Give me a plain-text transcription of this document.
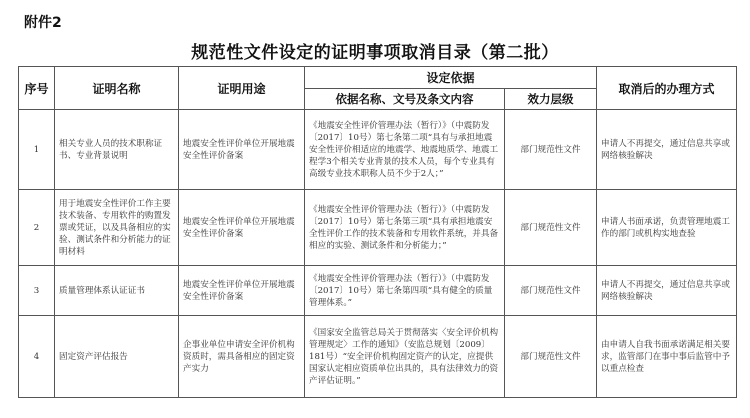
附件2
规范性文件设定的证明事项取消目录（第二批）
序号	证明名称	证明用途	设定依据		取消后的办理方式
			依据名称、文号及条文内容	效力层级	
1	相关专业人员的技术职称证书、专业背景说明	地震安全性评价单位开展地震安全性评价备案	《地震安全性评价管理办法（暂行）》（中震防发〔2017〕10号）第七条第二项“具有与承担地震安全性评价相适应的地震学、地震地质学、地震工程学3个相关专业背景的技术人员，每个专业具有高级专业技术职称人员不少于2人；”	部门规范性文件	申请人不再提交，通过信息共享或网络核验解决
2	用于地震安全性评价工作主要技术装备、专用软件的购置发票或凭证，以及具备相应的实验、测试条件和分析能力的证明材料	地震安全性评价单位开展地震安全性评价备案	《地震安全性评价管理办法（暂行）》（中震防发〔2017〕10号）第七条第三项“具有承担地震安全性评价工作的技术装备和专用软件系统，并具备相应的实验、测试条件和分析能力；”	部门规范性文件	申请人书面承诺，负责管理地震工作的部门或机构实地查验
3	质量管理体系认证证书	地震安全性评价单位开展地震安全性评价备案	《地震安全性评价管理办法（暂行）》（中震防发〔2017〕10号）第七条第四项“具有健全的质量管理体系。”	部门规范性文件	申请人不再提交，通过信息共享或网络核验解决
4	固定资产评估报告	企事业单位申请安全评价机构资质时，需具备相应的固定资产实力	《国家安全监管总局关于贯彻落实〈安全评价机构管理规定〉工作的通知》（安监总规划〔2009〕181号）“安全评价机构固定资产的认定，应提供国家认定相应资质单位出具的，具有法律效力的资产评估证明。”	部门规范性文件	由申请人自我书面承诺满足相关要求，监管部门在事中事后监管中予以重点检查
